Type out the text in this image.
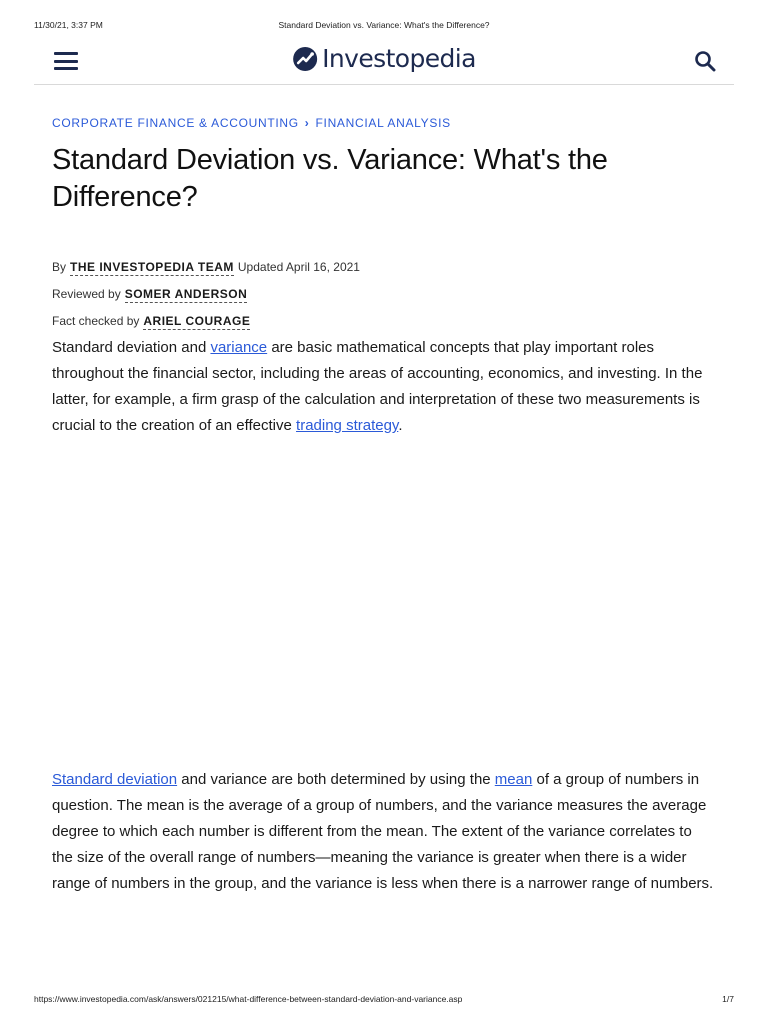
11/30/21, 3:37 PM	Standard Deviation vs. Variance: What's the Difference?
Investopedia
CORPORATE FINANCE & ACCOUNTING › FINANCIAL ANALYSIS
Standard Deviation vs. Variance: What's the Difference?
By THE INVESTOPEDIA TEAM Updated April 16, 2021
Reviewed by SOMER ANDERSON
Fact checked by ARIEL COURAGE

Standard deviation and variance are basic mathematical concepts that play important roles throughout the financial sector, including the areas of accounting, economics, and investing. In the latter, for example, a firm grasp of the calculation and interpretation of these two measurements is crucial to the creation of an effective trading strategy.

Standard deviation and variance are both determined by using the mean of a group of numbers in question. The mean is the average of a group of numbers, and the variance measures the average degree to which each number is different from the mean. The extent of the variance correlates to the size of the overall range of numbers—meaning the variance is greater when there is a wider range of numbers in the group, and the variance is less when there is a narrower range of numbers.

https://www.investopedia.com/ask/answers/021215/what-difference-between-standard-deviation-and-variance.asp	1/7
